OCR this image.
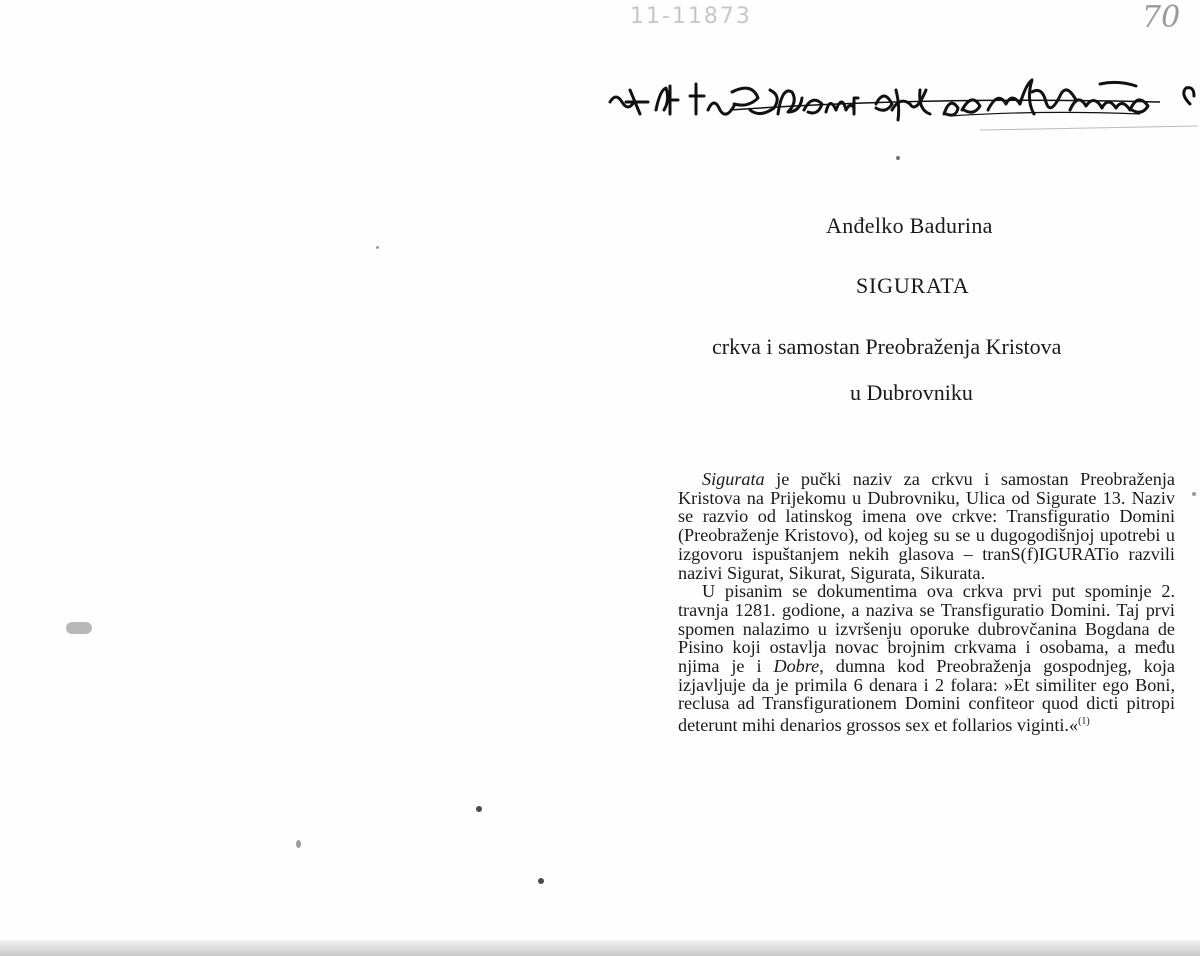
11-11873	70
Anđelko Badurina
SIGURATA
crkva i samostan Preobraženja Kristova
u Dubrovniku

Sigurata je pučki naziv za crkvu i samostan Preobraženja Kristova na Prijekomu u Dubrovniku, Ulica od Sigurate 13. Naziv se razvio od latinskog imena ove crkve: Transfiguratio Domini (Preobraženje Kristovo), od kojeg su se u dugogodišnjoj upotrebi u izgovoru ispuštanjem nekih glasova – tranS(f)IGURATio razvili nazivi Sigurat, Sikurat, Sigurata, Sikurata.

U pisanim se dokumentima ova crkva prvi put spominje 2. travnja 1281. godione, a naziva se Transfiguratio Domini. Taj prvi spomen nalazimo u izvršenju oporuke dubrovčanina Bogdana de Pisino koji ostavlja novac brojnim crkvama i osobama, a među njima je i Dobre, dumna kod Preobraženja gospodnjeg, koja izjavljuje da je primila 6 denara i 2 folara: »Et similiter ego Boni, reclusa ad Transfigurationem Domini confiteor quod dicti pitropi deterunt mihi denarios grossos sex et follarios viginti.«$^{(1)}$
